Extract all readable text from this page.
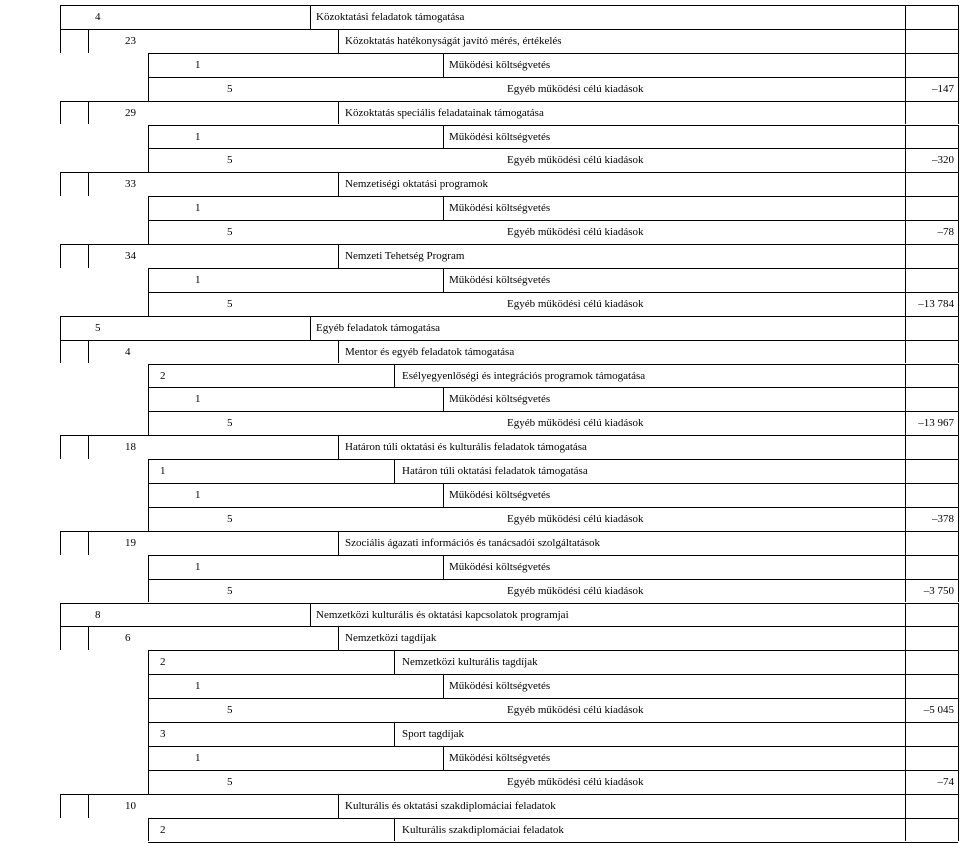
4	Közoktatási feladatok támogatása
23	Közoktatás hatékonyságát javító mérés, értékelés
1	Működési költségvetés
5	Egyéb működési célú kiadások	–147
29	Közoktatás speciális feladatainak támogatása
1	Működési költségvetés
5	Egyéb működési célú kiadások	–320
33	Nemzetiségi oktatási programok
1	Működési költségvetés
5	Egyéb működési célú kiadások	–78
34	Nemzeti Tehetség Program
1	Működési költségvetés
5	Egyéb működési célú kiadások	–13 784
5	Egyéb feladatok támogatása
4	Mentor és egyéb feladatok támogatása
2	Esélyegyenlőségi és integrációs programok támogatása
1	Működési költségvetés
5	Egyéb működési célú kiadások	–13 967
18	Határon túli oktatási és kulturális feladatok támogatása
1	Határon túli oktatási feladatok támogatása
1	Működési költségvetés
5	Egyéb működési célú kiadások	–378
19	Szociális ágazati információs és tanácsadói szolgáltatások
1	Működési költségvetés
5	Egyéb működési célú kiadások	–3 750
8	Nemzetközi kulturális és oktatási kapcsolatok programjai
6	Nemzetközi tagdíjak
2	Nemzetközi kulturális tagdíjak
1	Működési költségvetés
5	Egyéb működési célú kiadások	–5 045
3	Sport tagdíjak
1	Működési költségvetés
5	Egyéb működési célú kiadások	–74
10	Kulturális és oktatási szakdiplomáciai feladatok
2	Kulturális szakdiplomáciai feladatok
